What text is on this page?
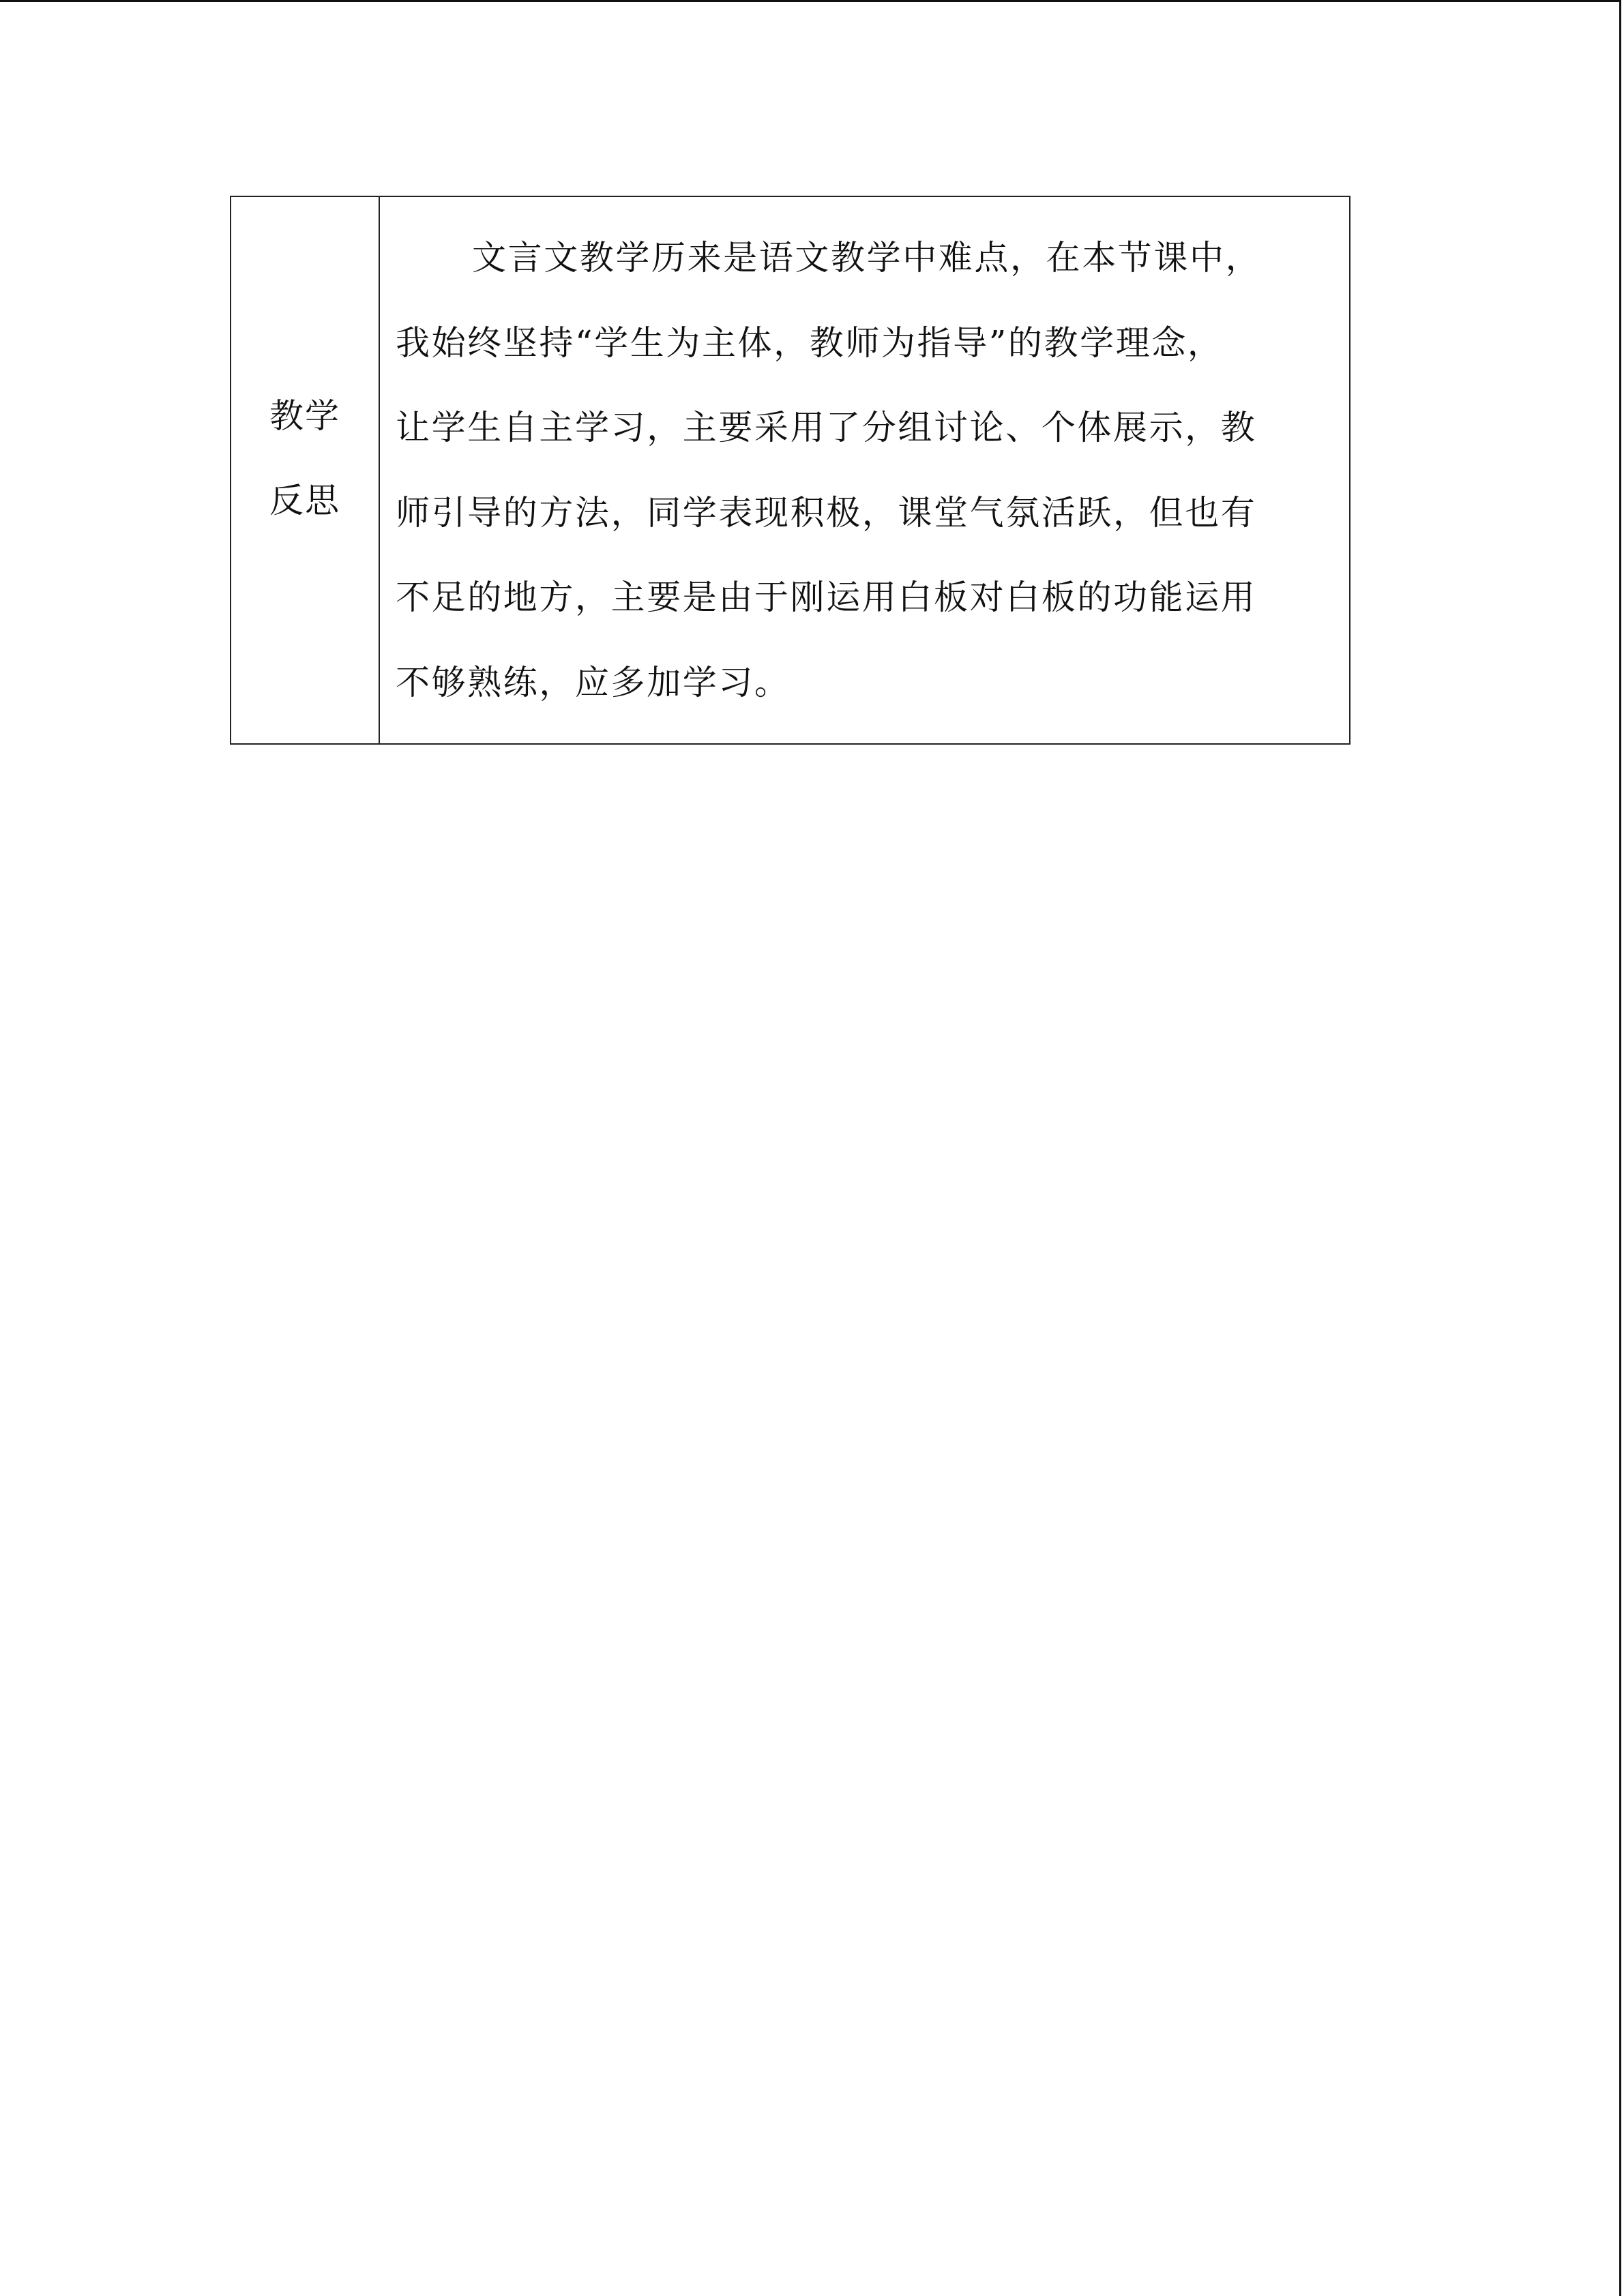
教学
反思
文言文教学历来是语文教学中难点，在本节课中，
我始终坚持“学生为主体，教师为指导”的教学理念，
让学生自主学习，主要采用了分组讨论、个体展示，教
师引导的方法，同学表现积极，课堂气氛活跃，但也有
不足的地方，主要是由于刚运用白板对白板的功能运用
不够熟练，应多加学习。
